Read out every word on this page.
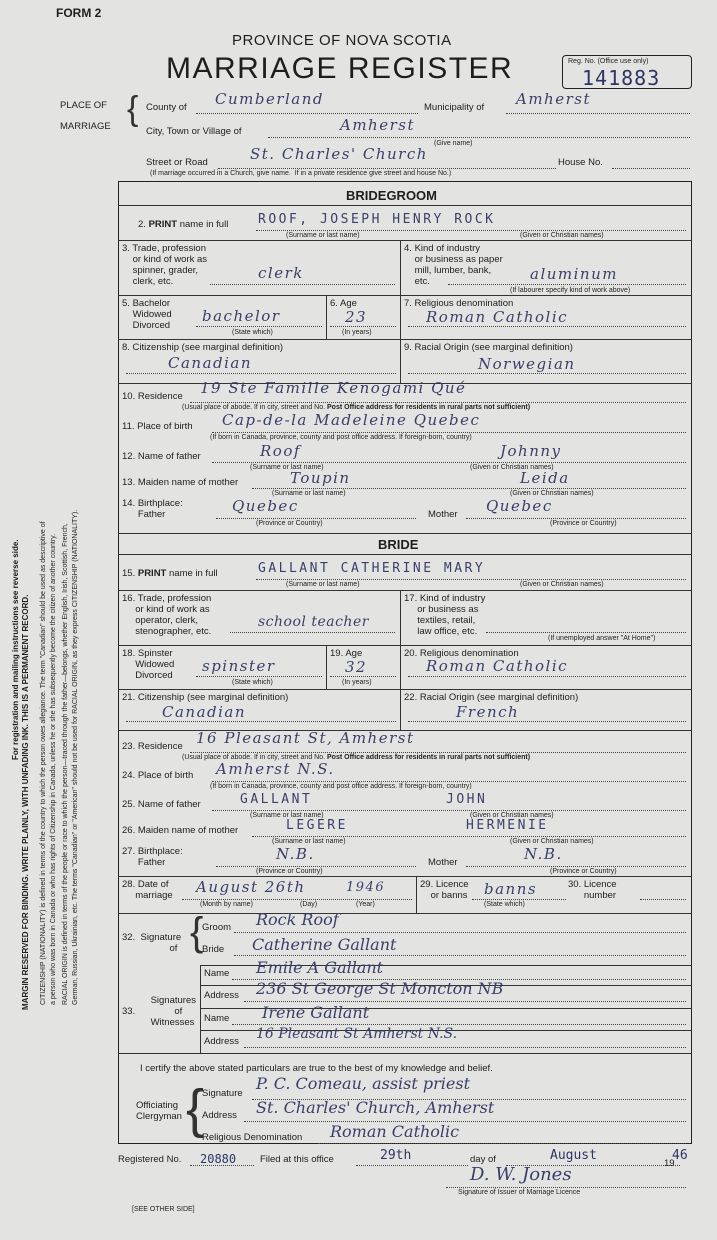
FORM 2
PROVINCE OF NOVA SCOTIA
MARRIAGE REGISTER	Reg. No. (Office use only)
141883
PLACE OF
MARRIAGE { County of Cumberland	Municipality of Amherst
City, Town or Village of	Amherst
(Give name)
Street or Road	St. Charles' Church	House No.
(If marriage occurred in a Church, give name. If in a private residence give street and house No.)
MARGIN RESERVED FOR BINDING. WRITE PLAINLY, WITH UNFADING INK. THIS IS A PERMANENT RECORD.
For registration and mailing instructions see reverse side.	CITIZENSHIP (NATIONALITY) is defined in terms of the country to which the person owes allegiance. The term "Canadian" should be used as descriptive of a person who was born in Canada or who has rights of Citizenship in Canada, unless he or she has subsequently become the citizen of another country. RACIAL ORIGIN is defined in terms of the people or race to which the person—traced through the father—belongs, whether English, Irish, Scottish, French, German, Russian, Ukrainian, etc. The terms "Canadian" or "American" should not be used for RACIAL ORIGIN, as they express CITIZENSHIP (NATIONALITY).
BRIDEGROOM
2. PRINT name in full ROOF, JOSEPH HENRY ROCK
(Surname or last name)	(Given or Christian names)
3. Trade, profession
or kind of work as
spinner, grader,
clerk, etc.	clerk
4. Kind of industry
or business as paper
mill, lumber, bank,
etc.	aluminum
(If labourer specify kind of work above)
5. Bachelor
Widowed
Divorced
bachelor
(State which)
6. Age
23
(In years)
7. Religious denomination
Roman Catholic
8. Citizenship (see marginal definition)
Canadian
9. Racial Origin (see marginal definition)
Norwegian
10. Residence 19 Ste Famille Kenogami Qué
(Usual place of abode. If in city, street and No. Post Office address for residents in rural parts not sufficient)
11. Place of birth Cap-de-la Madeleine Quebec
(If born in Canada, province, county and post office address. If foreign-born, country)
12. Name of father	Roof	Johnny
(Surname or last name)	(Given or Christian names)
13. Maiden name of mother	Toupin	Leida
(Surname or last name)	(Given or Christian names)
14. Birthplace:
Father	Quebec	Mother Quebec
(Province or Country)	(Province or Country)
BRIDE
15. PRINT name in full	GALLANT CATHERINE MARY
(Surname or last name)	(Given or Christian names)
16. Trade, profession
or kind of work as
operator, clerk,
stenographer, etc.
school teacher
17. Kind of industry
or business as
textiles, retail,
law office, etc.
(If unemployed answer "At Home")
18. Spinster
Widowed
Divorced
spinster
(State which)
19. Age
32
(In years)
20. Religious denomination
Roman Catholic
21. Citizenship (see marginal definition)
Canadian
22. Racial Origin (see marginal definition)
French
23. Residence 16 Pleasant St, Amherst
(Usual place of abode. If in city, street and No. Post Office address for residents in rural parts not sufficient)
24. Place of birth Amherst N.S.
(If born in Canada, province, county and post office address. If foreign-born, country)
25. Name of father	GALLANT	JOHN
(Surname or last name)	(Given or Christian names)
26. Maiden name of mother	LEGERE	HERMENIE
(Surname or last name)	(Given or Christian names)
27. Birthplace:
Father	N.B.	Mother	N.B.
(Province or Country)	(Province or Country)
28. Date of
marriage August 26th	1946
(Month by name)	(Day)	(Year)
29. Licence
or banns banns
(State which)
30. Licence
number
32. Signature
of {
Groom Rock Roof
Bride Catherine Gallant
Signatures
of
Witnesses
33.
Name Emile A Gallant
Address 236 St George St Moncton NB
Name Irene Gallant
Address 16 Pleasant St Amherst N.S.
I certify the above stated particulars are true to the best of my knowledge and belief.
Officiating
Clergyman {
Signature
P. C. Comeau, assist priest
Address St. Charles' Church, Amherst
Religious Denomination Roman Catholic
Registered No. 20880	Filed at this office	29th	day of	August
19
46
D. W. Jones
Signature of Issuer of Marriage Licence
[SEE OTHER SIDE]
